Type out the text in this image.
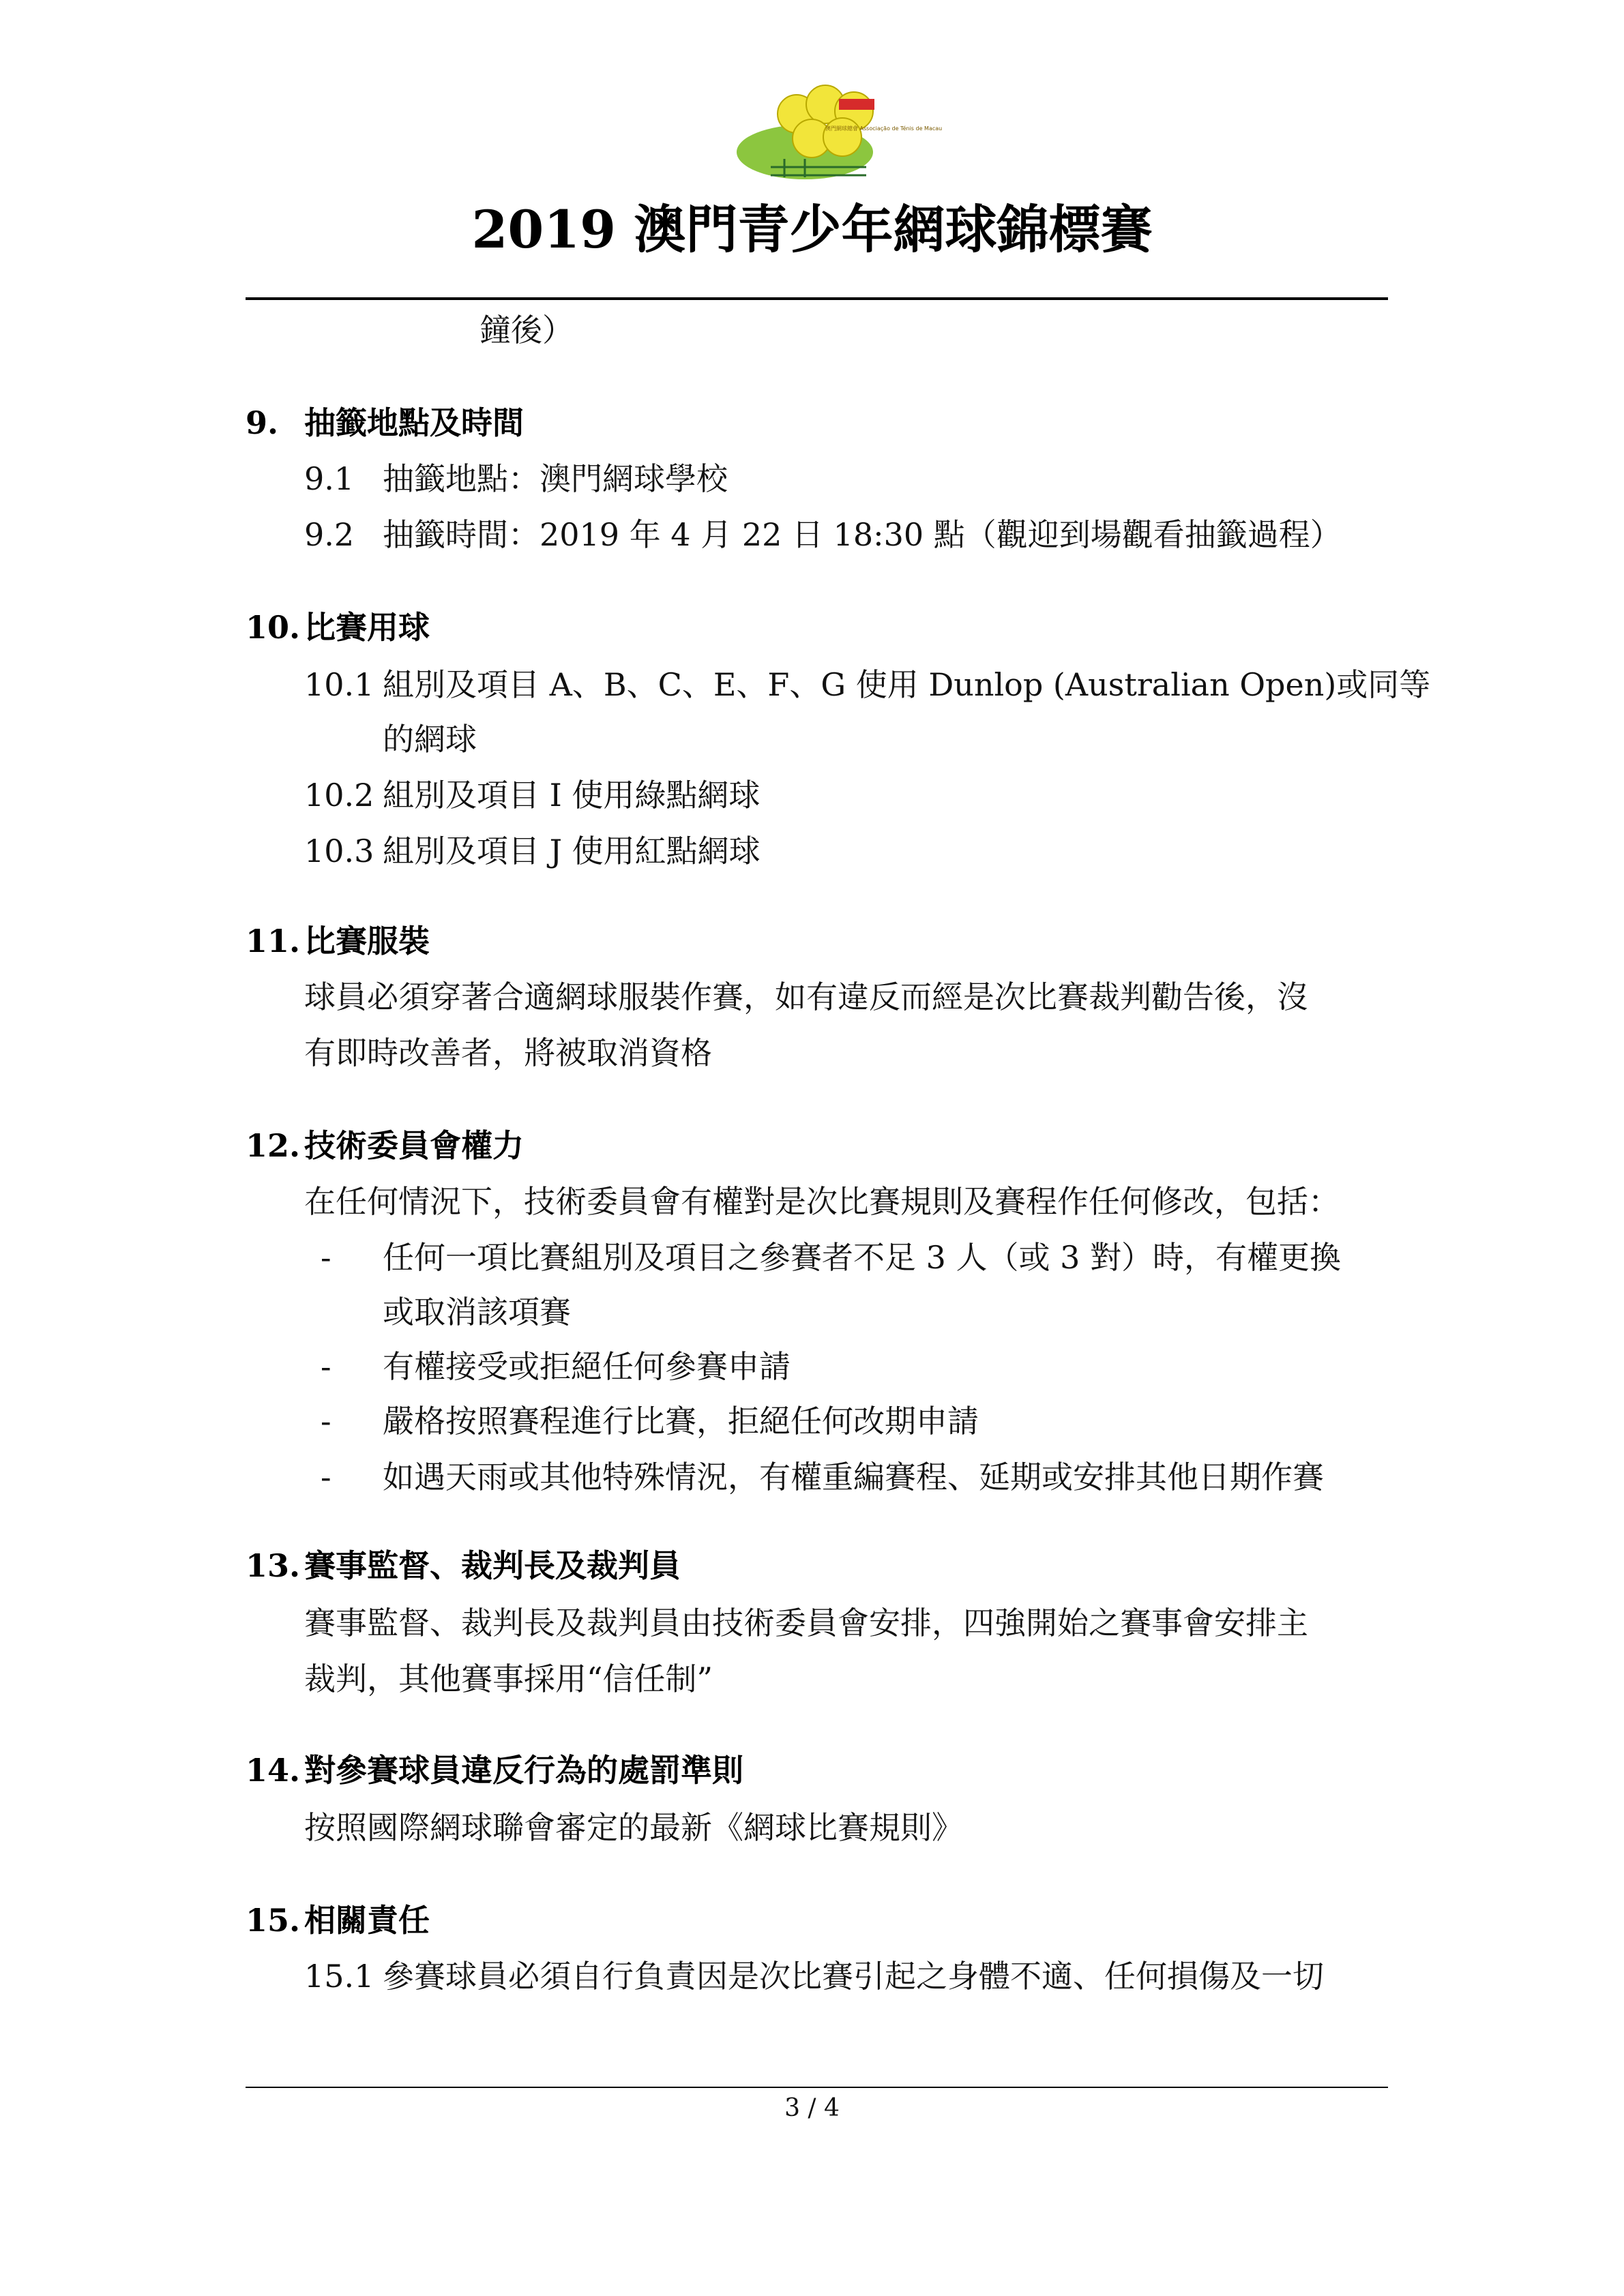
澳門網球總會 Associação de Ténis de Macau
2019 澳門青少年網球錦標賽
鐘後）
9. 抽籤地點及時間
9.1 抽籤地點：澳門網球學校
9.2 抽籤時間：2019 年 4 月 22 日 18:30 點（觀迎到場觀看抽籤過程）
10. 比賽用球
10.1 組別及項目 A、B、C、E、F、G 使用 Dunlop (Australian Open)或同等
的網球
10.2 組別及項目 I 使用綠點網球
10.3 組別及項目 J 使用紅點網球
11. 比賽服裝
球員必須穿著合適網球服裝作賽，如有違反而經是次比賽裁判勸告後，沒
有即時改善者，將被取消資格
12. 技術委員會權力
在任何情況下，技術委員會有權對是次比賽規則及賽程作任何修改，包括：
- 任何一項比賽組別及項目之參賽者不足 3 人（或 3 對）時，有權更換
或取消該項賽
- 有權接受或拒絕任何參賽申請
- 嚴格按照賽程進行比賽，拒絕任何改期申請
- 如遇天雨或其他特殊情況，有權重編賽程、延期或安排其他日期作賽
13. 賽事監督、裁判長及裁判員
賽事監督、裁判長及裁判員由技術委員會安排，四強開始之賽事會安排主
裁判，其他賽事採用“信任制”
14. 對參賽球員違反行為的處罰準則
按照國際網球聯會審定的最新《網球比賽規則》
15. 相關責任
15.1 參賽球員必須自行負責因是次比賽引起之身體不適、任何損傷及一切
3 / 4
